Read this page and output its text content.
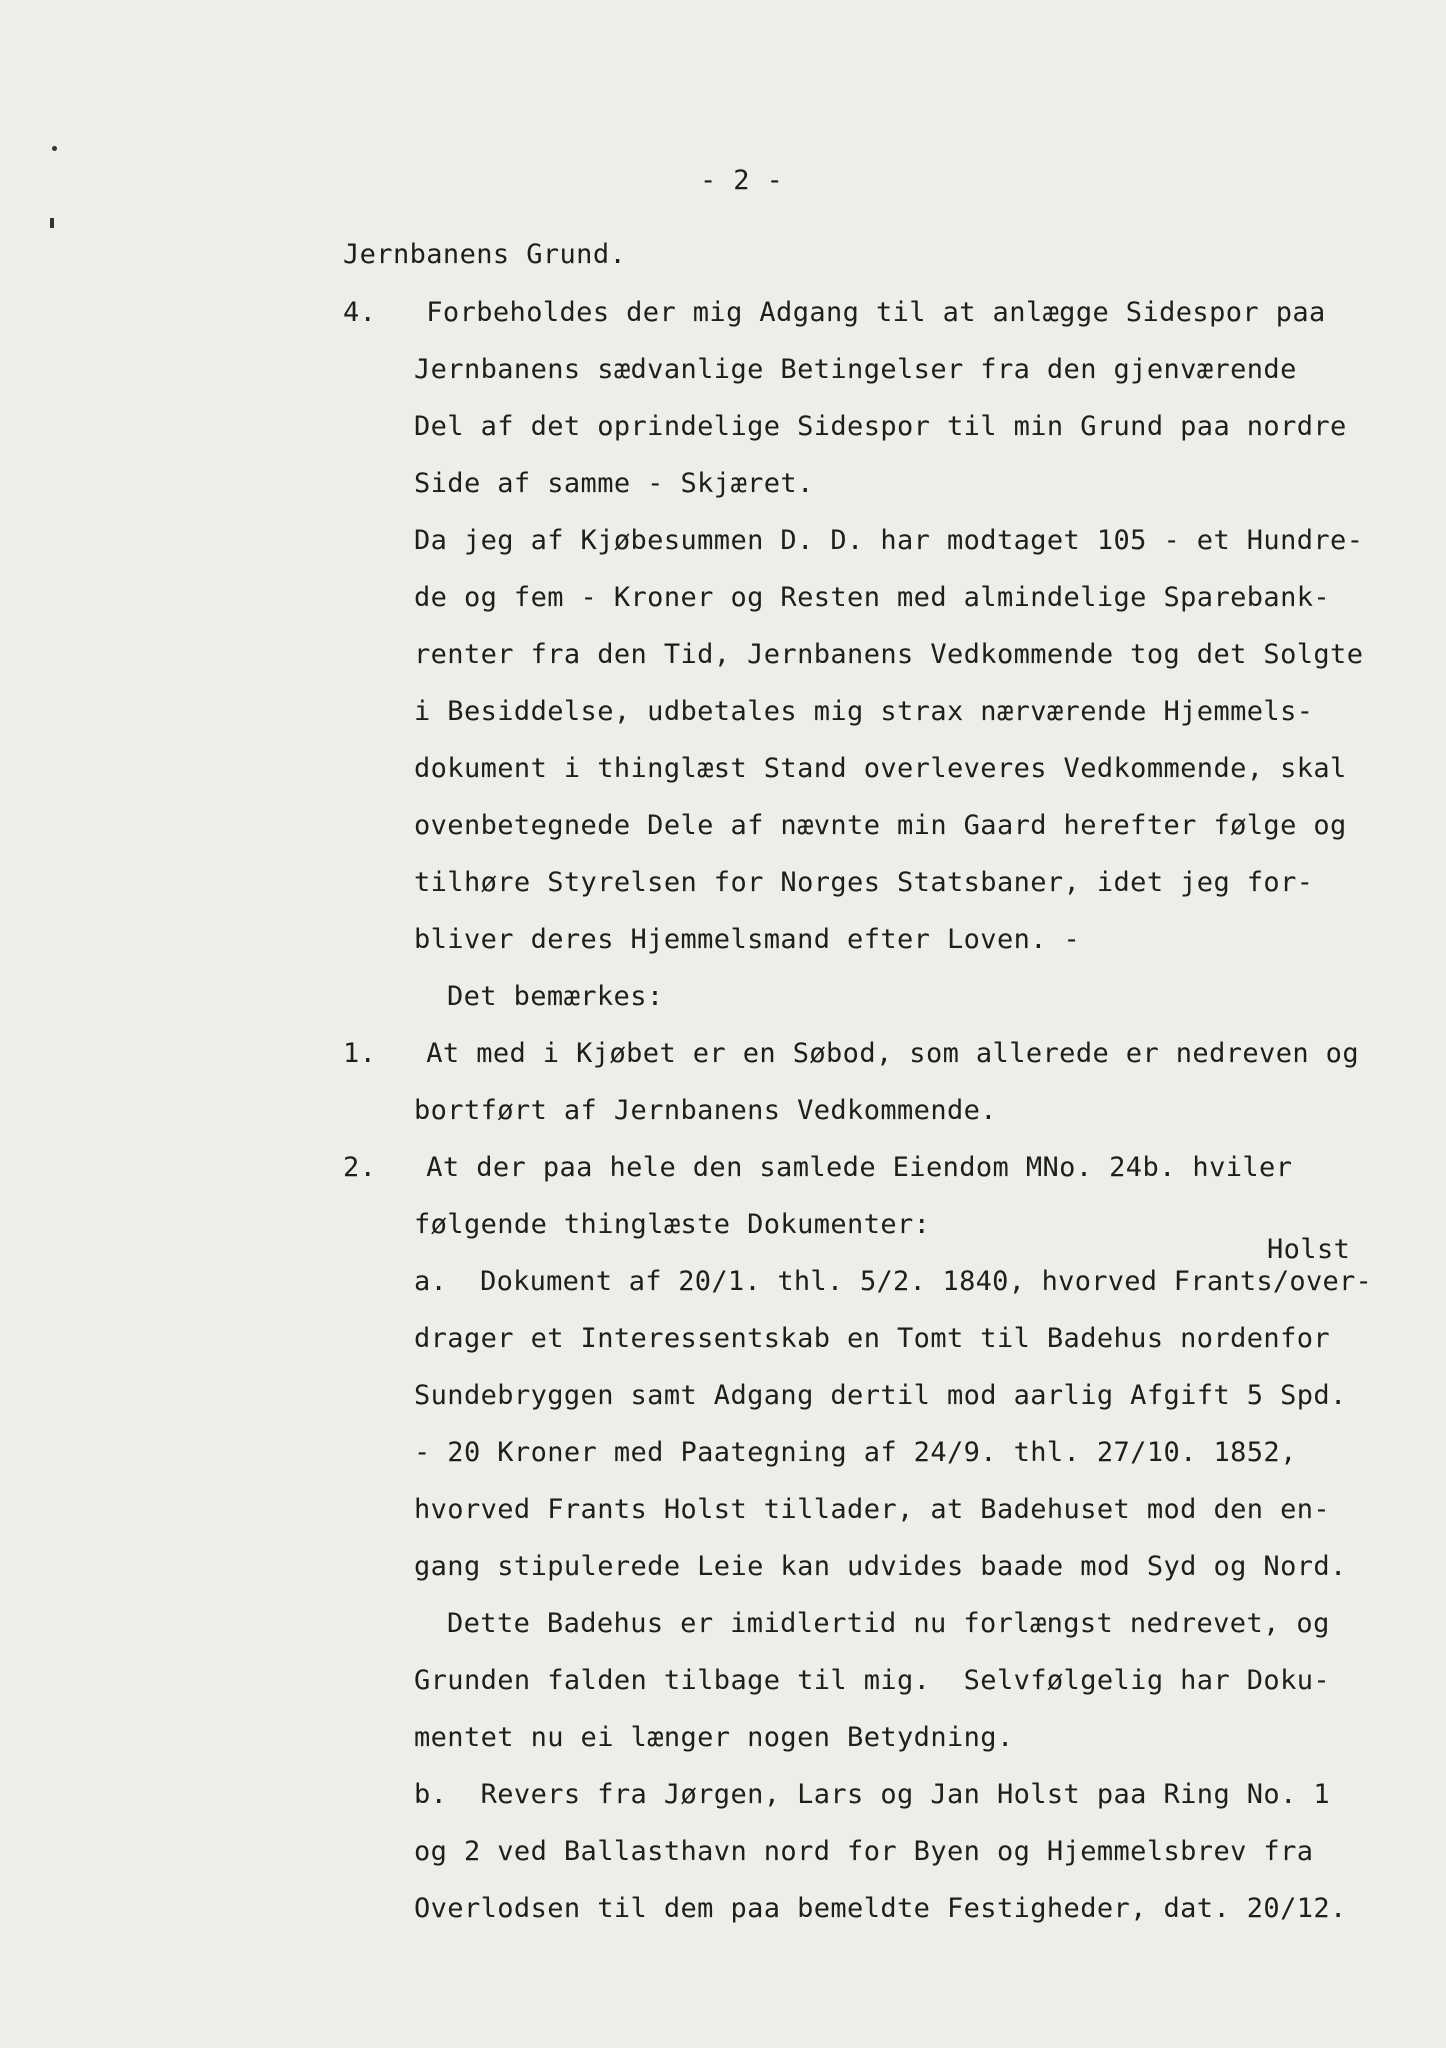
- 2 -
Jernbanens Grund.
4.   Forbeholdes der mig Adgang til at anlægge Sidespor paa
Jernbanens sædvanlige Betingelser fra den gjenværende
Del af det oprindelige Sidespor til min Grund paa nordre
Side af samme - Skjæret.
Da jeg af Kjøbesummen D. D. har modtaget 105 - et Hundre-
de og fem - Kroner og Resten med almindelige Sparebank-
renter fra den Tid, Jernbanens Vedkommende tog det Solgte
i Besiddelse, udbetales mig strax nærværende Hjemmels-
dokument i thinglæst Stand overleveres Vedkommende, skal
ovenbetegnede Dele af nævnte min Gaard herefter følge og
tilhøre Styrelsen for Norges Statsbaner, idet jeg for-
bliver deres Hjemmelsmand efter Loven. -
Det bemærkes:
1.   At med i Kjøbet er en Søbod, som allerede er nedreven og
bortført af Jernbanens Vedkommende.
2.   At der paa hele den samlede Eiendom MNo. 24b. hviler
følgende thinglæste Dokumenter:
Holst
a.  Dokument af 20/1. thl. 5/2. 1840, hvorved Frants/over-
drager et Interessentskab en Tomt til Badehus nordenfor
Sundebryggen samt Adgang dertil mod aarlig Afgift 5 Spd.
- 20 Kroner med Paategning af 24/9. thl. 27/10. 1852,
hvorved Frants Holst tillader, at Badehuset mod den en-
gang stipulerede Leie kan udvides baade mod Syd og Nord.
Dette Badehus er imidlertid nu forlængst nedrevet, og
Grunden falden tilbage til mig.  Selvfølgelig har Doku-
mentet nu ei længer nogen Betydning.
b.  Revers fra Jørgen, Lars og Jan Holst paa Ring No. 1
og 2 ved Ballasthavn nord for Byen og Hjemmelsbrev fra
Overlodsen til dem paa bemeldte Festigheder, dat. 20/12.
